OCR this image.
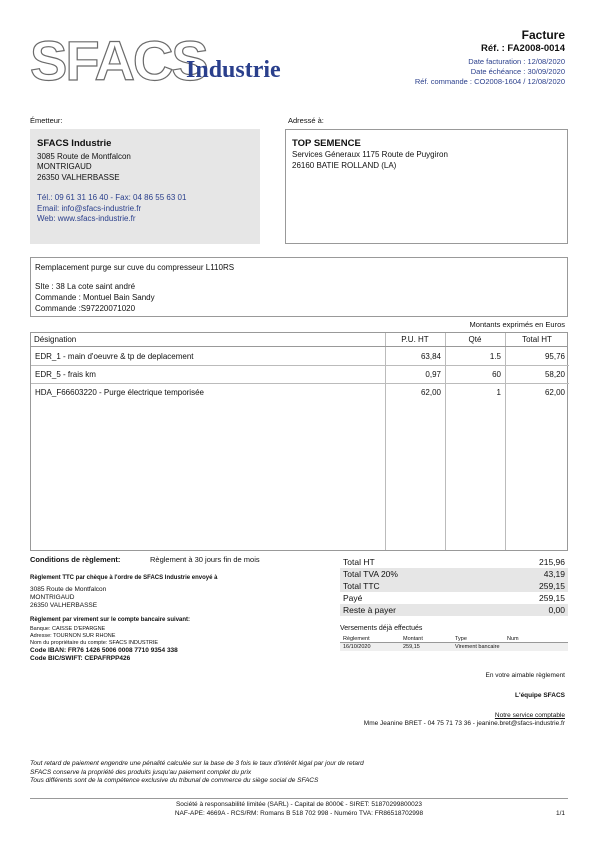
SFACS
Industrie
Facture
Réf. : FA2008-0014
Date facturation : 12/08/2020
Date échéance : 30/09/2020
Réf. commande : CO2008-1604 / 12/08/2020
Émetteur:	Adressé à:
SFACS Industrie
3085 Route de Montfalcon
MONTRIGAUD
26350 VALHERBASSE
Tél.: 09 61 31 16 40 - Fax: 04 86 55 63 01
Email: info@sfacs-industrie.fr
Web: www.sfacs-industrie.fr
TOP SEMENCE
Services Géneraux 1175 Route de Puygiron
26160 BATIE ROLLAND (LA)
Remplacement purge sur cuve du compresseur L110RS
SIte : 38 La cote saint andré
Commande : Montuel Bain Sandy
Commande :S97220071020
Montants exprimés en Euros
Désignation	P.U. HT	Qté	Total HT
EDR_1 - main d'oeuvre & tp de deplacement	63,84	1.5	95,76
EDR_5 - frais km	0,97	60	58,20
HDA_F66603220 - Purge électrique temporisée	62,00	1	62,00
Conditions de règlement:	Règlement à 30 jours fin de mois
Règlement TTC par chèque à l'ordre de SFACS Industrie envoyé à
3085 Route de Montfalcon
MONTRIGAUD
26350 VALHERBASSE
Règlement par virement sur le compte bancaire suivant:
Banque: CAISSE D'EPARGNE
Adresse: TOURNON SUR RHONE
Nom du propriétaire du compte: SFACS INDUSTRIE
Code IBAN: FR76 1426 5006 0008 7710 9354 338
Code BIC/SWIFT: CEPAFRPP426
Total HT	215,96
Total TVA 20%	43,19
Total TTC	259,15
Payé	259,15
Reste à payer	0,00
Versements déjà effectués
Règlement	Montant	Type	Num
16/10/2020	259,15	Virement bancaire
En votre aimable règlement
L'équipe SFACS
Notre service comptable
Mme Jeanine BRET - 04 75 71 73 36 - jeanine.bret@sfacs-industrie.fr
Tout retard de paiement engendre une pénalité calculée sur la base de 3 fois le taux d'intérêt légal par jour de retard
SFACS conserve la propriété des produits jusqu'au paiement complet du prix
Tous différents sont de la compétence exclusive du tribunal de commerce du siège social de SFACS
Société à responsabilité limitée (SARL) - Capital de 8000€ - SIRET: 51870299800023
NAF-APE: 4669A - RCS/RM: Romans B 518 702 998 - Numéro TVA: FR86518702998	1/1
